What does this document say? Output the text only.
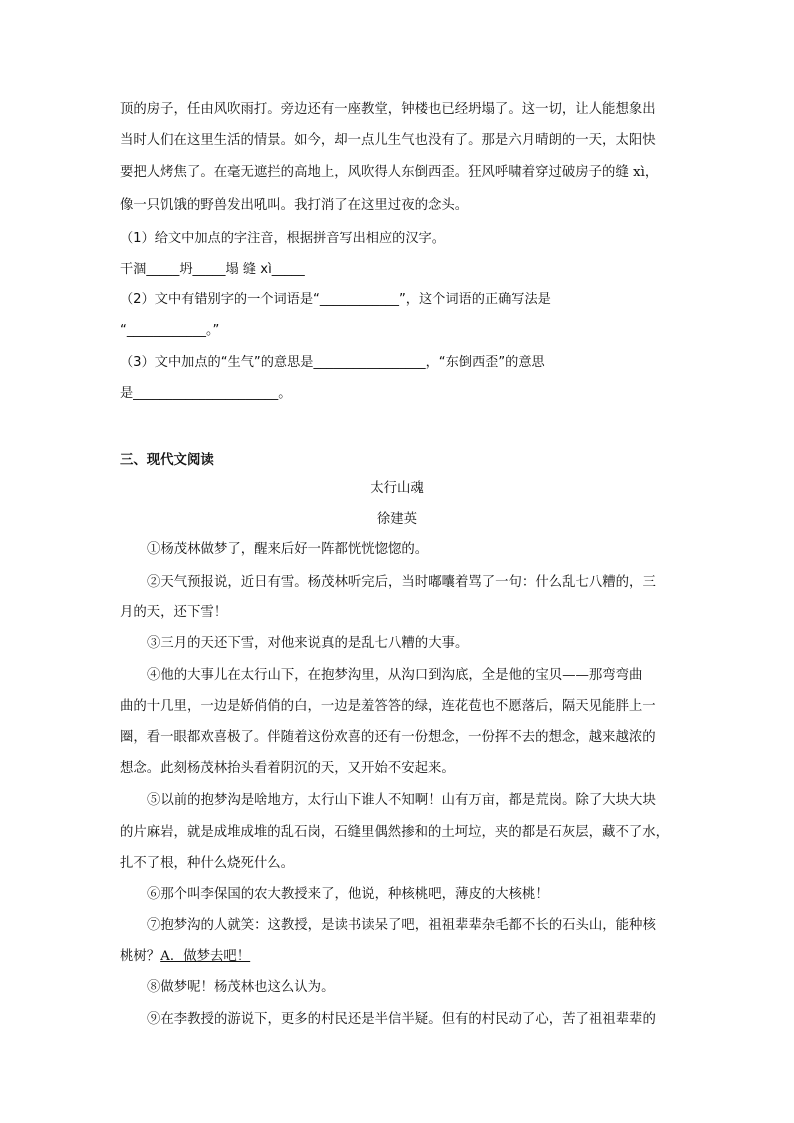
顶的房子，任由风吹雨打。旁边还有一座教堂，钟楼也已经坍塌了。这一切，让人能想象出
当时人们在这里生活的情景。如今，却一点儿生气也没有了。那是六月晴朗的一天，太阳快
要把人烤焦了。在毫无遮拦的高地上，风吹得人东倒西歪。狂风呼啸着穿过破房子的缝 xì，
像一只饥饿的野兽发出吼叫。我打消了在这里过夜的念头。
（1）给文中加点的字注音，根据拼音写出相应的汉字。
干涸_____坍_____塌 缝 xì_____
（2）文中有错别字的一个词语是“____________”，这个词语的正确写法是
“____________。”
（3）文中加点的“生气”的意思是_________________，“东倒西歪”的意思
是______________________。
三、现代文阅读
太行山魂
徐建英
①杨茂林做梦了，醒来后好一阵都恍恍惚惚的。
②天气预报说，近日有雪。杨茂林听完后，当时嘟囔着骂了一句：什么乱七八糟的，三
月的天，还下雪！
③三月的天还下雪，对他来说真的是乱七八糟的大事。
④他的大事儿在太行山下，在抱梦沟里，从沟口到沟底，全是他的宝贝——那弯弯曲
曲的十几里，一边是娇俏俏的白，一边是羞答答的绿，连花苞也不愿落后，隔天见能胖上一
圈，看一眼都欢喜极了。伴随着这份欢喜的还有一份想念，一份挥不去的想念，越来越浓的
想念。此刻杨茂林抬头看着阴沉的天，又开始不安起来。
⑤以前的抱梦沟是啥地方，太行山下谁人不知啊！山有万亩，都是荒岗。除了大块大块
的片麻岩，就是成堆成堆的乱石岗，石缝里偶然掺和的土坷垃，夹的都是石灰层，藏不了水，
扎不了根，种什么烧死什么。
⑥那个叫李保国的农大教授来了，他说，种核桃吧，薄皮的大核桃！
⑦抱梦沟的人就笑：这教授，是读书读呆了吧，祖祖辈辈杂毛都不长的石头山，能种核
桃树？A．做梦去吧！
⑧做梦呢！杨茂林也这么认为。
⑨在李教授的游说下，更多的村民还是半信半疑。但有的村民动了心，苦了祖祖辈辈的
